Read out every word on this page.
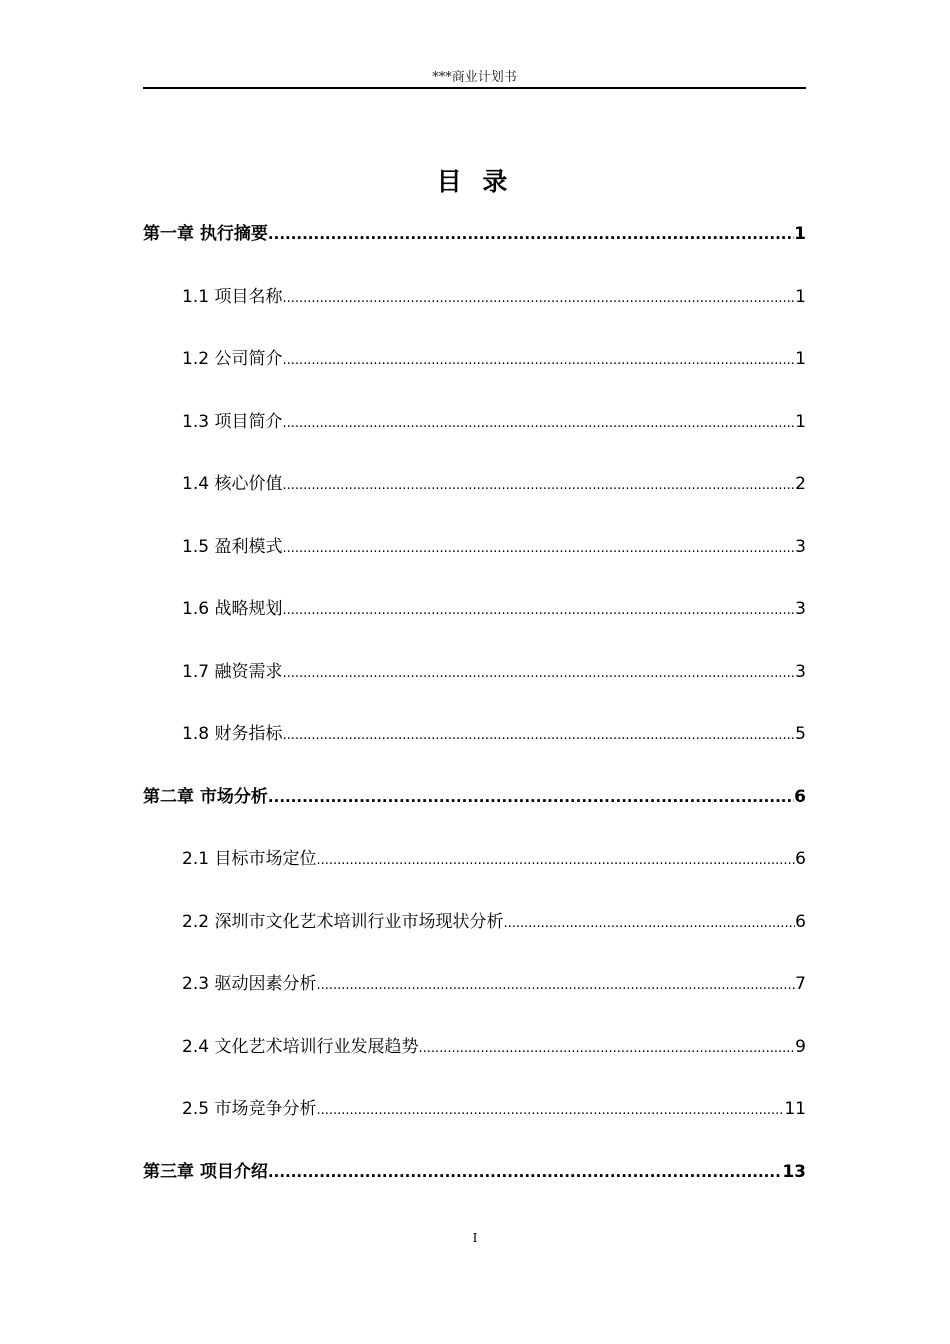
***商业计划书
目 录
第一章 执行摘要 .....	1
1.1 项目名称 .....	1
1.2 公司简介 .....	1
1.3 项目简介 .....	1
1.4 核心价值 .....	2
1.5 盈利模式 .....	3
1.6 战略规划 .....	3
1.7 融资需求 .....	3
1.8 财务指标 .....	5
第二章 市场分析 .....	6
2.1 目标市场定位 .....	6
2.2 深圳市文化艺术培训行业市场现状分析 .....	6
2.3 驱动因素分析 .....	7
2.4 文化艺术培训行业发展趋势 .....	9
2.5 市场竞争分析 .....	11
第三章 项目介绍 .....	13
I
